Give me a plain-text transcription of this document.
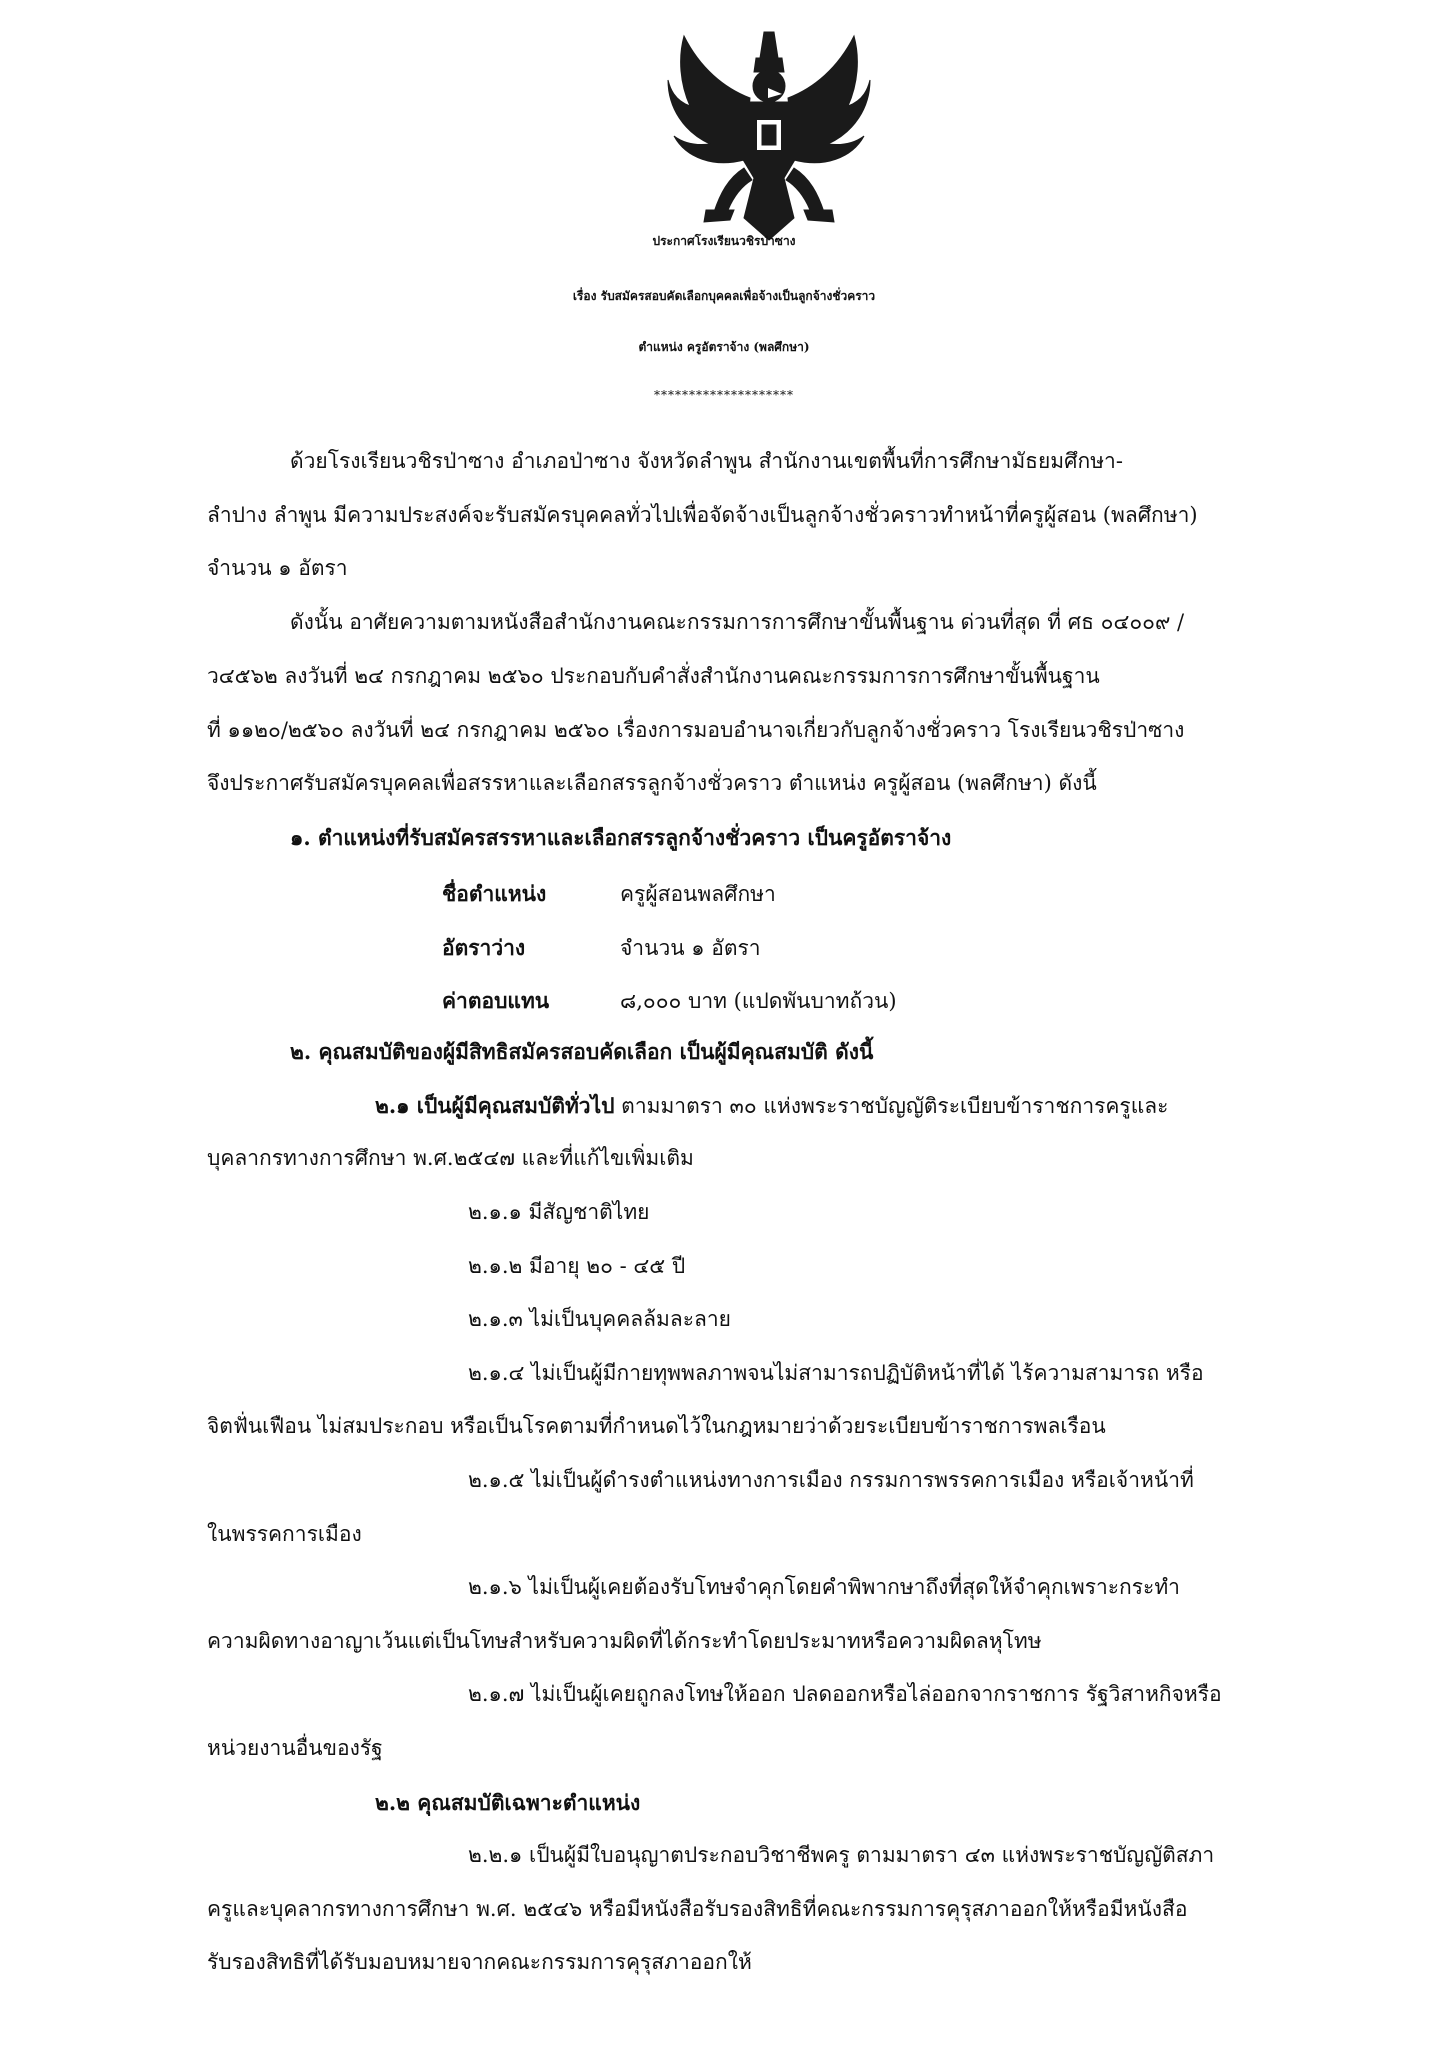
ประกาศโรงเรียนวชิรป่าซาง
เรื่อง รับสมัครสอบคัดเลือกบุคคลเพื่อจ้างเป็นลูกจ้างชั่วคราว
ตำแหน่ง ครูอัตราจ้าง (พลศึกษา)
********************
ด้วยโรงเรียนวชิรป่าซาง อำเภอป่าซาง จังหวัดลำพูน สำนักงานเขตพื้นที่การศึกษามัธยมศึกษา-
ลำปาง ลำพูน มีความประสงค์จะรับสมัครบุคคลทั่วไปเพื่อจัดจ้างเป็นลูกจ้างชั่วคราวทำหน้าที่ครูผู้สอน (พลศึกษา)
จำนวน ๑ อัตรา
ดังนั้น อาศัยความตามหนังสือสำนักงานคณะกรรมการการศึกษาขั้นพื้นฐาน ด่วนที่สุด ที่ ศธ ๐๔๐๐๙ /
ว๔๕๖๒ ลงวันที่ ๒๔ กรกฎาคม ๒๕๖๐ ประกอบกับคำสั่งสำนักงานคณะกรรมการการศึกษาขั้นพื้นฐาน
ที่ ๑๑๒๐/๒๕๖๐ ลงวันที่ ๒๔ กรกฎาคม ๒๕๖๐ เรื่องการมอบอำนาจเกี่ยวกับลูกจ้างชั่วคราว โรงเรียนวชิรป่าซาง
จึงประกาศรับสมัครบุคคลเพื่อสรรหาและเลือกสรรลูกจ้างชั่วคราว ตำแหน่ง ครูผู้สอน (พลศึกษา) ดังนี้
๑. ตำแหน่งที่รับสมัครสรรหาและเลือกสรรลูกจ้างชั่วคราว เป็นครูอัตราจ้าง
ชื่อตำแหน่ง	ครูผู้สอนพลศึกษา
อัตราว่าง	จำนวน ๑ อัตรา
ค่าตอบแทน	๘,๐๐๐ บาท (แปดพันบาทถ้วน)
๒. คุณสมบัติของผู้มีสิทธิสมัครสอบคัดเลือก เป็นผู้มีคุณสมบัติ ดังนี้
๒.๑ เป็นผู้มีคุณสมบัติทั่วไป ตามมาตรา ๓๐ แห่งพระราชบัญญัติระเบียบข้าราชการครูและ
บุคลากรทางการศึกษา พ.ศ.๒๕๔๗ และที่แก้ไขเพิ่มเติม
๒.๑.๑ มีสัญชาติไทย
๒.๑.๒ มีอายุ ๒๐ - ๔๕ ปี
๒.๑.๓ ไม่เป็นบุคคลล้มละลาย
๒.๑.๔ ไม่เป็นผู้มีกายทุพพลภาพจนไม่สามารถปฏิบัติหน้าที่ได้ ไร้ความสามารถ หรือ
จิตฟั่นเฟือน ไม่สมประกอบ หรือเป็นโรคตามที่กำหนดไว้ในกฎหมายว่าด้วยระเบียบข้าราชการพลเรือน
๒.๑.๕ ไม่เป็นผู้ดำรงตำแหน่งทางการเมือง กรรมการพรรคการเมือง หรือเจ้าหน้าที่
ในพรรคการเมือง
๒.๑.๖ ไม่เป็นผู้เคยต้องรับโทษจำคุกโดยคำพิพากษาถึงที่สุดให้จำคุกเพราะกระทำ
ความผิดทางอาญาเว้นแต่เป็นโทษสำหรับความผิดที่ได้กระทำโดยประมาทหรือความผิดลหุโทษ
๒.๑.๗ ไม่เป็นผู้เคยถูกลงโทษให้ออก ปลดออกหรือไล่ออกจากราชการ รัฐวิสาหกิจหรือ
หน่วยงานอื่นของรัฐ
๒.๒ คุณสมบัติเฉพาะตำแหน่ง
๒.๒.๑ เป็นผู้มีใบอนุญาตประกอบวิชาชีพครู ตามมาตรา ๔๓ แห่งพระราชบัญญัติสภา
ครูและบุคลากรทางการศึกษา พ.ศ. ๒๕๔๖ หรือมีหนังสือรับรองสิทธิที่คณะกรรมการคุรุสภาออกให้หรือมีหนังสือ
รับรองสิทธิที่ได้รับมอบหมายจากคณะกรรมการคุรุสภาออกให้
